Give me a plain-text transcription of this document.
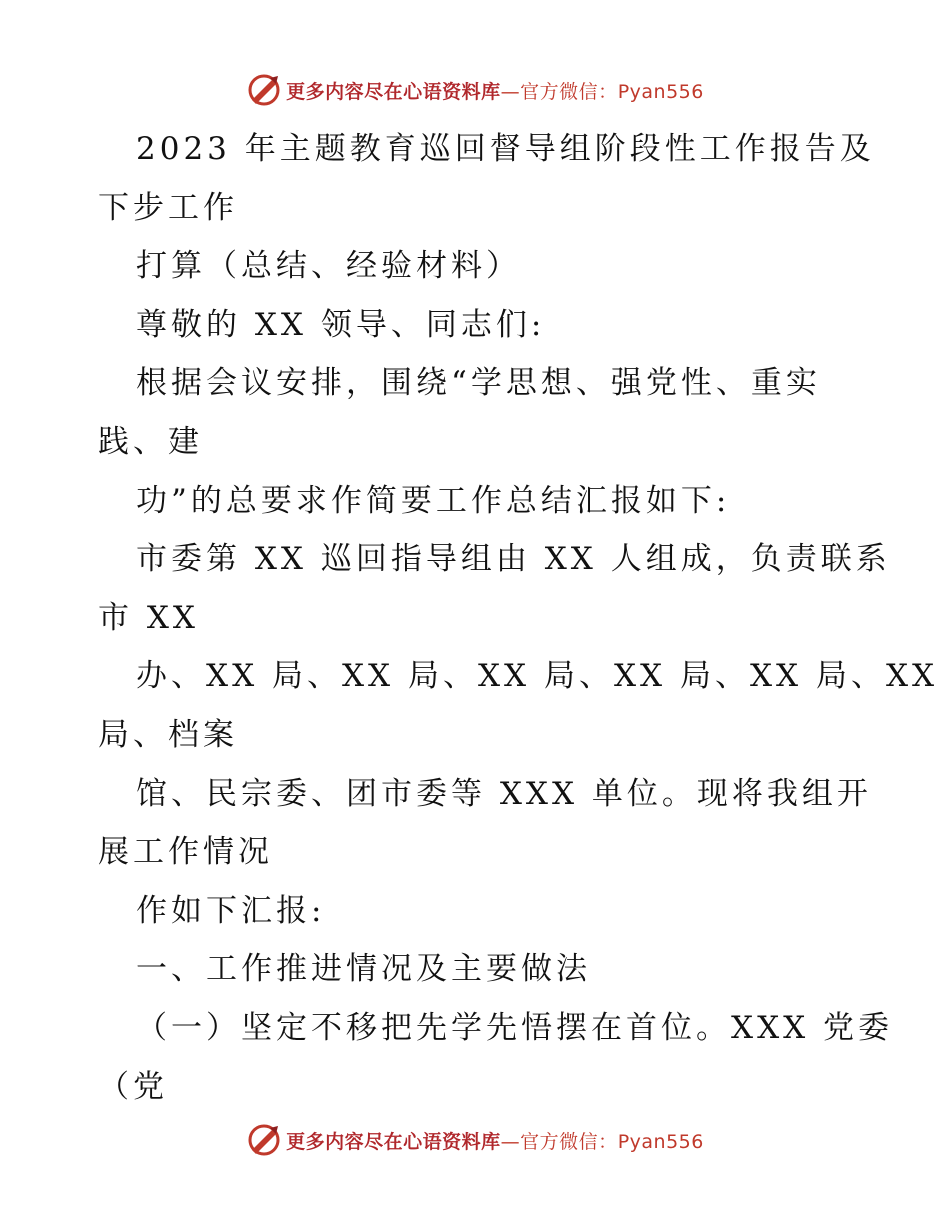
更多内容尽在心语资料库—官方微信：Pyan556
2023 年主题教育巡回督导组阶段性工作报告及
下步工作
打算（总结、经验材料）
尊敬的 XX 领导、同志们:
根据会议安排，围绕“学思想、强党性、重实
践、建
功”的总要求作简要工作总结汇报如下:
市委第 XX 巡回指导组由 XX 人组成，负责联系
市 XX
办、XX 局、XX 局、XX 局、XX 局、XX 局、XX
局、档案
馆、民宗委、团市委等 XXX 单位。现将我组开
展工作情况
作如下汇报:
一、工作推进情况及主要做法
（一）坚定不移把先学先悟摆在首位。XXX 党委
（党
更多内容尽在心语资料库—官方微信：Pyan556
